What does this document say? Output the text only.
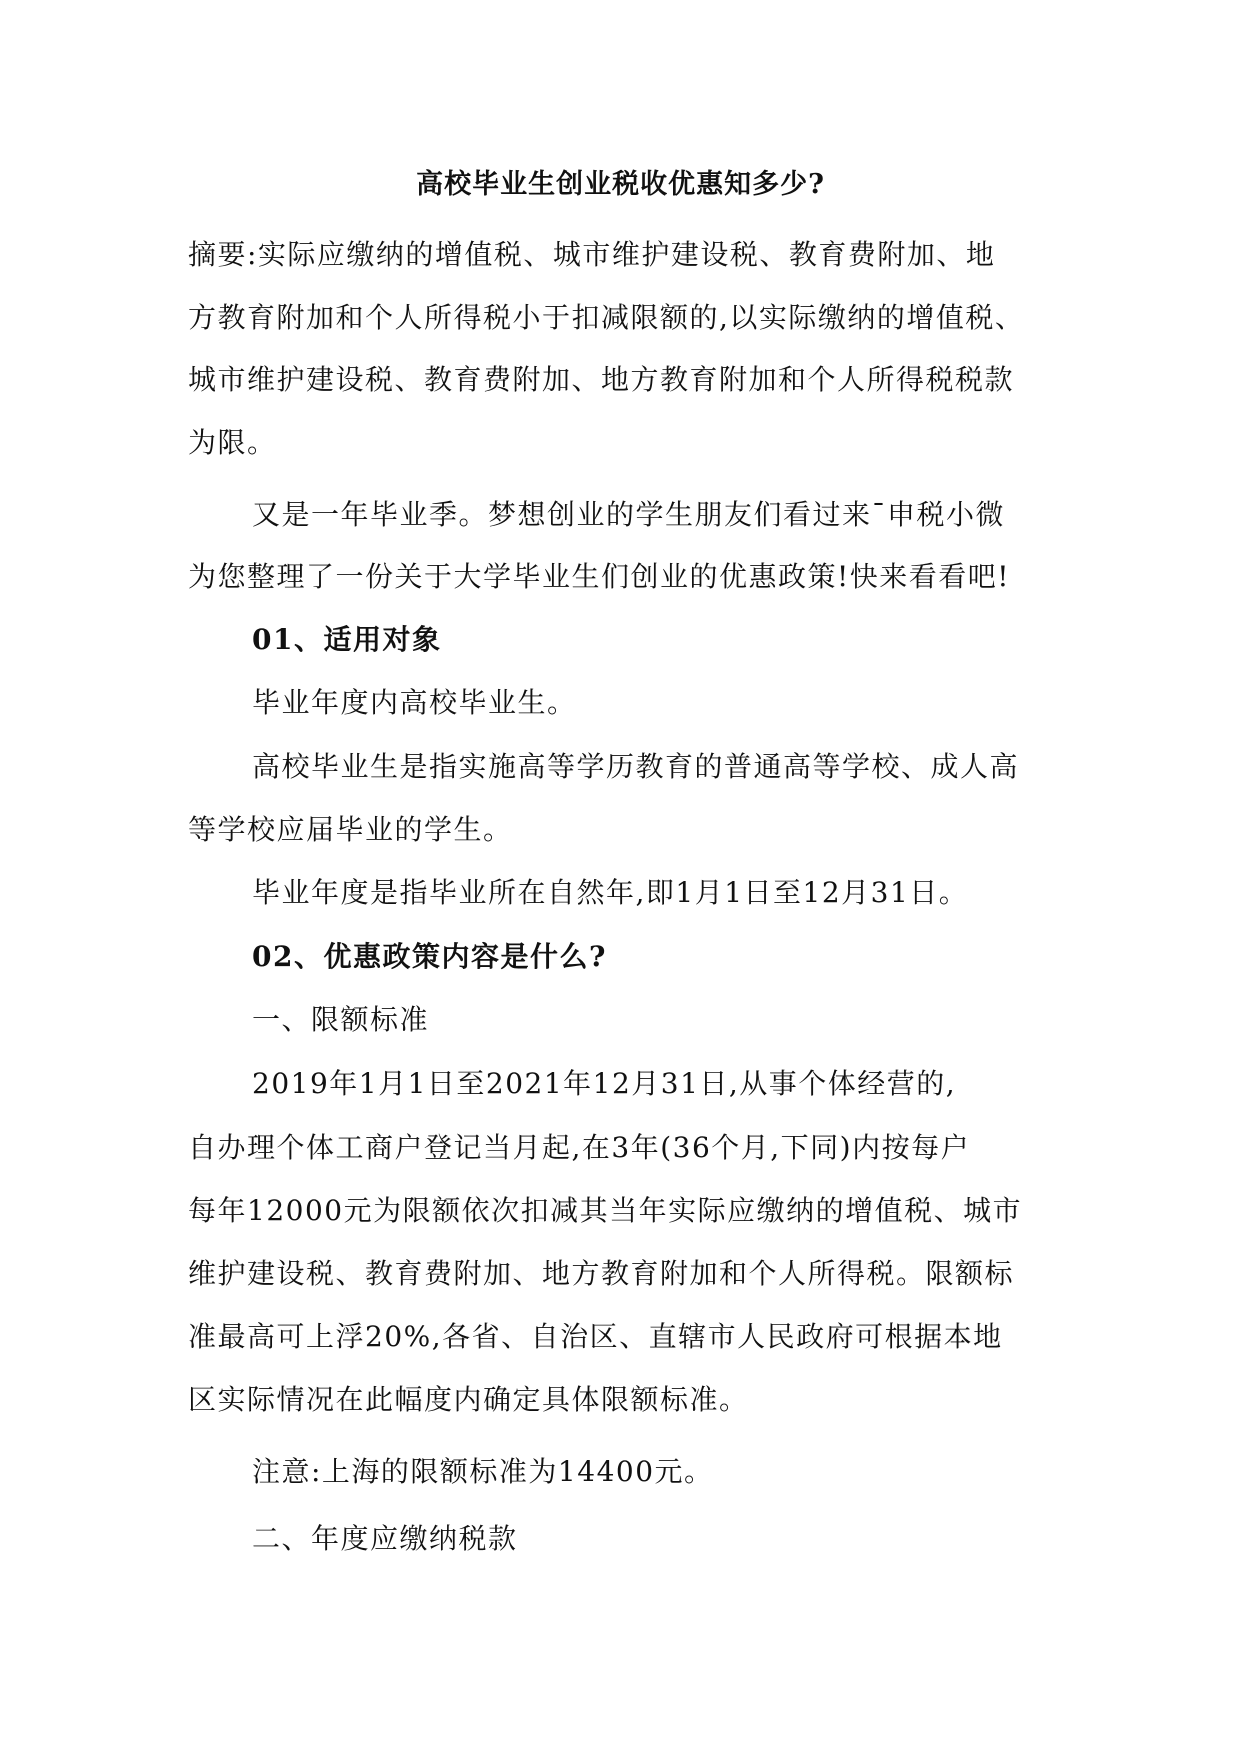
高校毕业生创业税收优惠知多少?
摘要:实际应缴纳的增值税、城市维护建设税、教育费附加、地
方教育附加和个人所得税小于扣减限额的,以实际缴纳的增值税、
城市维护建设税、教育费附加、地方教育附加和个人所得税税款
为限。
又是一年毕业季。梦想创业的学生朋友们看过来¯申税小微
为您整理了一份关于大学毕业生们创业的优惠政策!快来看看吧!
01、适用对象
毕业年度内高校毕业生。
高校毕业生是指实施高等学历教育的普通高等学校、成人高
等学校应届毕业的学生。
毕业年度是指毕业所在自然年,即1月1日至12月31日。
02、优惠政策内容是什么?
一、限额标准
2019年1月1日至2021年12月31日,从事个体经营的,
自办理个体工商户登记当月起,在3年(36个月,下同)内按每户
每年12000元为限额依次扣减其当年实际应缴纳的增值税、城市
维护建设税、教育费附加、地方教育附加和个人所得税。限额标
准最高可上浮20%,各省、自治区、直辖市人民政府可根据本地
区实际情况在此幅度内确定具体限额标准。
注意:上海的限额标准为14400元。
二、年度应缴纳税款
